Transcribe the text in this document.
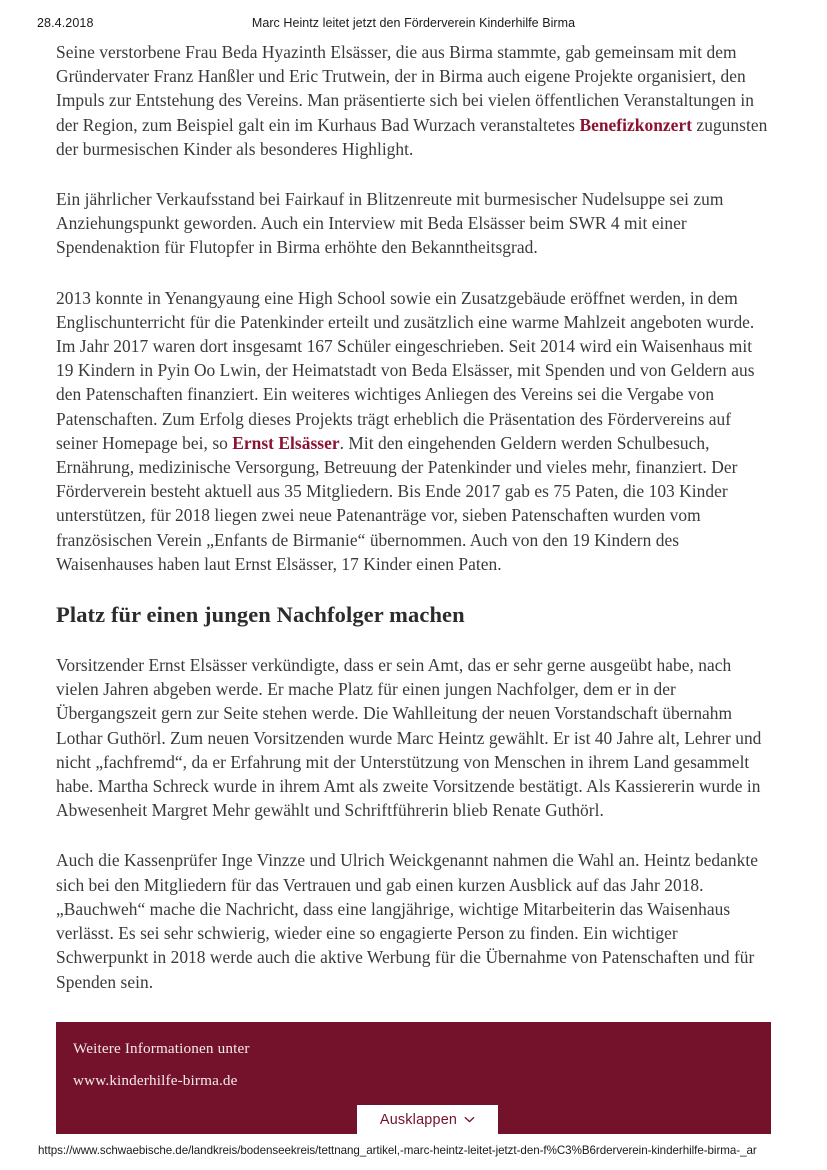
28.4.2018	Marc Heintz leitet jetzt den Förderverein Kinderhilfe Birma

Seine verstorbene Frau Beda Hyazinth Elsässer, die aus Birma stammte, gab gemeinsam mit dem Gründervater Franz Hanßler und Eric Trutwein, der in Birma auch eigene Projekte organisiert, den Impuls zur Entstehung des Vereins. Man präsentierte sich bei vielen öffentlichen Veranstaltungen in der Region, zum Beispiel galt ein im Kurhaus Bad Wurzach veranstaltetes Benefizkonzert zugunsten der burmesischen Kinder als besonderes Highlight.

Ein jährlicher Verkaufsstand bei Fairkauf in Blitzenreute mit burmesischer Nudelsuppe sei zum Anziehungspunkt geworden. Auch ein Interview mit Beda Elsässer beim SWR 4 mit einer Spendenaktion für Flutopfer in Birma erhöhte den Bekanntheitsgrad.

2013 konnte in Yenangyaung eine High School sowie ein Zusatzgebäude eröffnet werden, in dem Englischunterricht für die Patenkinder erteilt und zusätzlich eine warme Mahlzeit angeboten wurde. Im Jahr 2017 waren dort insgesamt 167 Schüler eingeschrieben. Seit 2014 wird ein Waisenhaus mit 19 Kindern in Pyin Oo Lwin, der Heimatstadt von Beda Elsässer, mit Spenden und von Geldern aus den Patenschaften finanziert. Ein weiteres wichtiges Anliegen des Vereins sei die Vergabe von Patenschaften. Zum Erfolg dieses Projekts trägt erheblich die Präsentation des Fördervereins auf seiner Homepage bei, so Ernst Elsässer. Mit den eingehenden Geldern werden Schulbesuch, Ernährung, medizinische Versorgung, Betreuung der Patenkinder und vieles mehr, finanziert. Der Förderverein besteht aktuell aus 35 Mitgliedern. Bis Ende 2017 gab es 75 Paten, die 103 Kinder unterstützen, für 2018 liegen zwei neue Patenanträge vor, sieben Patenschaften wurden vom französischen Verein „Enfants de Birmanie“ übernommen. Auch von den 19 Kindern des Waisenhauses haben laut Ernst Elsässer, 17 Kinder einen Paten.

Platz für einen jungen Nachfolger machen

Vorsitzender Ernst Elsässer verkündigte, dass er sein Amt, das er sehr gerne ausgeübt habe, nach vielen Jahren abgeben werde. Er mache Platz für einen jungen Nachfolger, dem er in der Übergangszeit gern zur Seite stehen werde. Die Wahlleitung der neuen Vorstandschaft übernahm Lothar Guthörl. Zum neuen Vorsitzenden wurde Marc Heintz gewählt. Er ist 40 Jahre alt, Lehrer und nicht „fachfremd“, da er Erfahrung mit der Unterstützung von Menschen in ihrem Land gesammelt habe. Martha Schreck wurde in ihrem Amt als zweite Vorsitzende bestätigt. Als Kassiererin wurde in Abwesenheit Margret Mehr gewählt und Schriftführerin blieb Renate Guthörl.

Auch die Kassenprüfer Inge Vinzze und Ulrich Weickgenannt nahmen die Wahl an. Heintz bedankte sich bei den Mitgliedern für das Vertrauen und gab einen kurzen Ausblick auf das Jahr 2018. „Bauchweh“ mache die Nachricht, dass eine langjährige, wichtige Mitarbeiterin das Waisenhaus verlässt. Es sei sehr schwierig, wieder eine so engagierte Person zu finden. Ein wichtiger Schwerpunkt in 2018 werde auch die aktive Werbung für die Übernahme von Patenschaften und für Spenden sein.

Weitere Informationen unter
www.kinderhilfe-birma.de
Ausklappen
https://www.schwaebische.de/landkreis/bodenseekreis/tettnang_artikel,-marc-heintz-leitet-jetzt-den-f%C3%B6rderverein-kinderhilfe-birma-_ar
